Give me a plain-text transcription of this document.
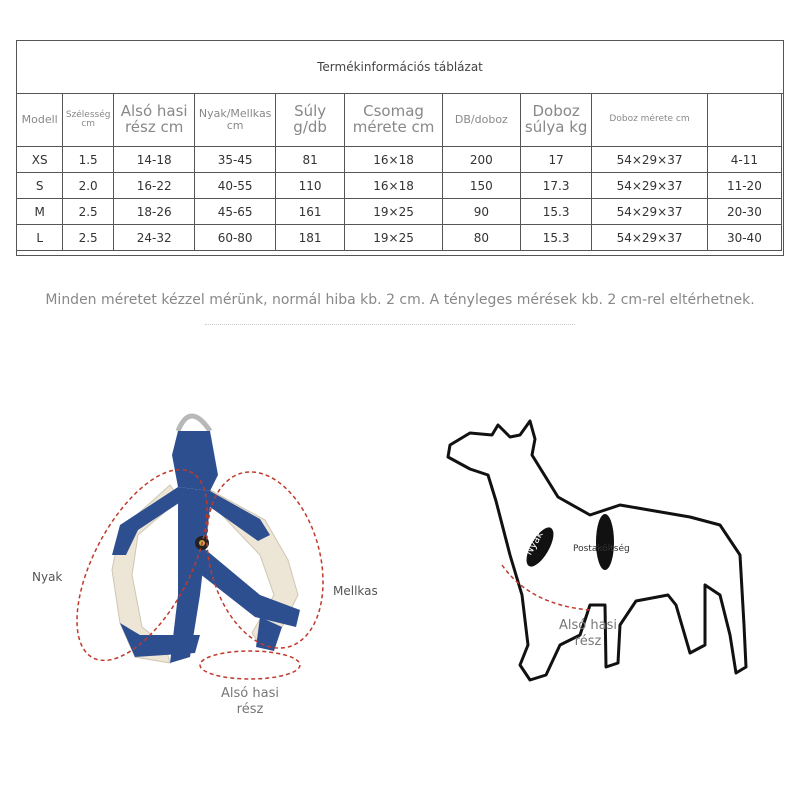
Termékinformációs táblázat
Modell	Szélesség cm	Alsó hasi rész cm	Nyak/Mellkas cm	Súly g/db	Csomag mérete cm	DB/doboz	Doboz súlya kg	Doboz mérete cm	
XS	1.5	14-18	35-45	81	16×18	200	17	54×29×37	4-11
S	2.0	16-22	40-55	110	16×18	150	17.3	54×29×37	11-20
M	2.5	18-26	45-65	161	19×25	90	15.3	54×29×37	20-30
L	2.5	24-32	60-80	181	19×25	80	15.3	54×29×37	30-40
Minden méretet kézzel mérünk, normál hiba kb. 2 cm. A tényleges mérések kb. 2 cm-rel eltérhetnek.
Nyak
Mellkas
Alsó hasi rész
Nyak	Postaköltség
Alsó hasi rész
